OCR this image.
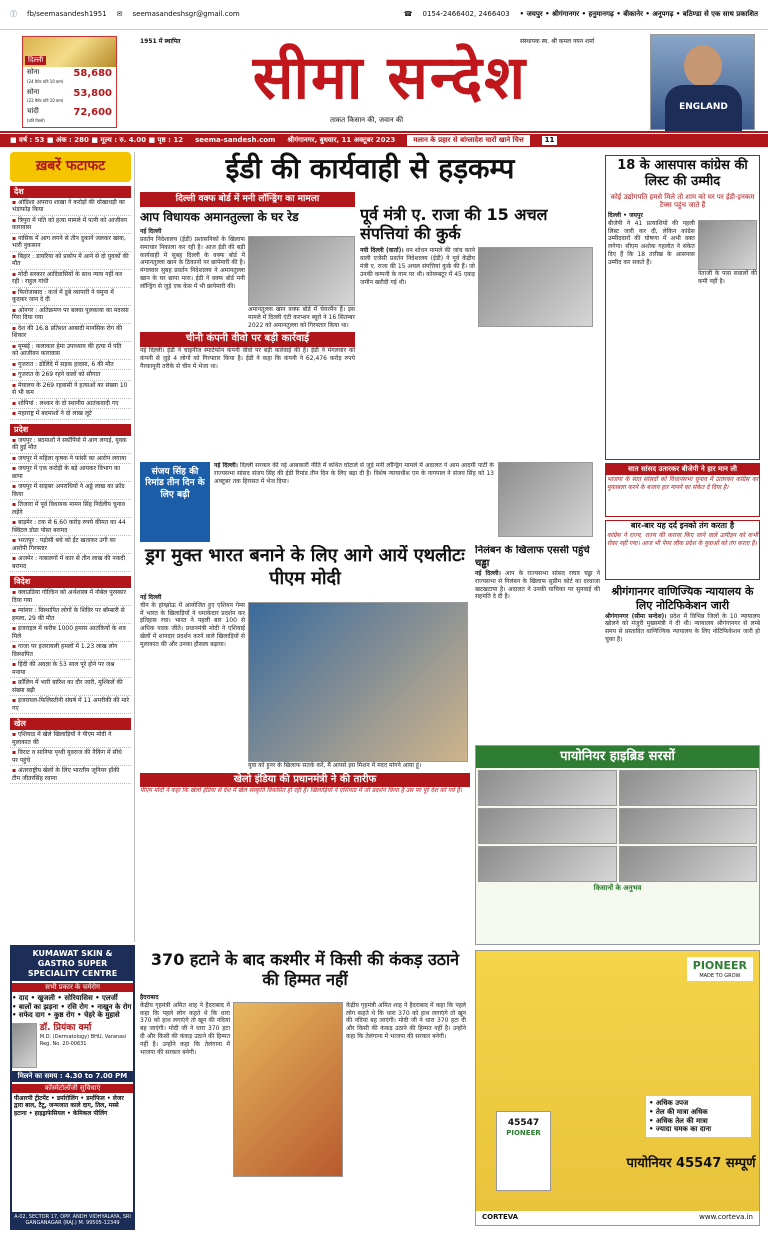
ⓕ fb/seemasandesh1951 ✉ seemasandeshsgr@gmail.com	☎ 0154-2466402, 2466403 • जयपुर • श्रीगंगानगर • हनुमानगढ़ • बीकानेर • अनूपगढ़ • बठिण्डा से एक साथ प्रकाशित
दिल्ली
सोना
(24 कैरेट प्रति 10 ग्राम)
58,680
सोना
(22 कैरेट प्रति 10 ग्राम)
53,800
चांदी
(प्रति किलो)
72,600
1951 में स्थापित	संस्थापक स्व. श्री कमल नयन शर्मा
सीमा सन्देश
ताकत किसान की, जवान की
ENGLAND
■ वर्ष : 53 ■ अंक : 280 ■ मूल्य : रु. 4.00 ■ पृष्ठ : 12 seema-sandesh.com श्रीगंगानगर, बुधवार, 11 अक्टूबर 2023	मलान के प्रहार से बांग्लादेश चारों खाने चित्त	11
ख़बरें फटाफट
देश
▪ ओडिशा अपराध शाखा ने करोड़ों की धोखाधड़ी का भंडाफोड़ किया
▪ त्रिपुरा में पति को हत्या मामले में पत्नी को आजीवन कारावास
▪ नासिक में आग लगने से तीन दुकानें जलकर खाक, भारी नुकसान
▪ बिहार : डायरिया को प्रकोप में आने से दो युवकों की मौत
▪ मोदी सरकार आदिवासियों के साथ न्याय नहीं कर रही : राहुल गांधी
▪ फिरोजाबाद : कर्ज में डूबे व्यापारी ने यमुना में कूदकर जान दे दी
▪ ओनगर : अतिक्रमण पर बलवा पुलकाया का मदरसा गिरा दिया गया
▪ देश की 16.8 प्रतिशत आबादी मानसिक रोग की शिकार
▪ मुम्बई : कलाकार हेमा उपाध्याय की हत्या में पति को आजीवन कारावास
▪ गुजरात : ढोलिंदे में सड़क हादसा, 6 की मौत
▪ गुजरात के 269 रहने वालों को सौगात
▪ मेघालय के 269 रहवासी ने हत्याओं का संख्या 10 से भी कम
▪ शोपियां : लश्कर के दो स्थानीय आतंकवादी गए
▪ महाराष्ट्र में बदमाशों ने दो लाख लूटे
प्रदेश
▪ जयपुर : बदमाशों ने स्कॉर्पियो में आग लगाई, युवक की हुई मौत
▪ जयपुर में महिला कृषक ने फांसी का आरोप लगाया
▪ जयपुर में एक करोड़ी के बड़े आयकर विभाग का छापा
▪ जयपुर में साइबर अपराधियों ने अड्डे लाख का फ्रॉड किया
▪ तिजारा में पूर्व विधायक मामन सिंह निर्दलीय चुनाव लड़ेंगे
▪ बाड़मेर : टक से 6.60 करोड़ रुपये कीमत का 44 क्विंटल डोडा पोस्त बरामद
▪ भरतपुर : पड़ोसी बचे को ईंट खताकर उगी का आरोपी गिरफ्तार
▪ अजमेर : नाबालगों में कार से तीन लाख की नकदी बरामद
विदेश
▪ क्लाउडिया गोल्डिन को अर्थशास्त्र में नोबेल पुरस्कार दिया गया
▪ म्यांमार : विस्थापित लोगों के शिविर पर बॉम्बारी से हमला, 29 की मौत
▪ इजराइल में करीब 1000 हमास आतंकियों के शव मिले
▪ गाजा पर इजरायली हमलों में 1.23 लाख लोग विस्थापित
▪ हिंदी की अवज्ञा के 53 साल पूरे होने पर जश्न मनाया
▪ क्रॉलिन में भारी बारिश का दौर जारी, मुश्किलें की संख्या बढ़ी
▪ इजरायल-फिलिस्तीनी संघर्ष में 11 अमरीकी की मारे गए
खेल
▪ एशियाड में खेले खिलाड़ियों ने पीएम मोदी ने मुलाकात की
▪ विराट व सानिया पृथ्वी युवराज की नैकिंग में सीधे पर पहुंचे
▪ अंतरराष्ट्रीय खेलों के लिए भारतीय जूनियर हॉकी टीम जीतरसिंह रवाना
ईडी की कार्यवाही से हड़कम्प
दिल्ली वक्फ बोर्ड में मनी लॉन्ड्रिंग का मामला
आप विधायक अमानतुल्ला के घर रेड
नई दिल्ली
प्रवर्तन निदेशालय (ईडी) प्रशासनिकों के खिलाफ समाचार निकाला कर रही है। आज ईडी की बड़ी कार्यवाही में सुबह दिल्ली के वक्फ बोर्ड में अमानतुल्ला खान के ठिकानों पर छापेमारी की है। मंगलवार सुबह प्रवर्तन निदेशालय ने अमानतुल्ला खान के घर छापा मारा। ईडी ने वक्फ बोर्ड मनी लॉन्ड्रिंग से जुड़े एक केस में भी छापेमारी की।
अमानतुल्ला खान वक्फ बोर्ड में चेयरमैन हैं। इस मामले में दिल्ली एंटी करप्शन ब्यूरो ने 16 सितम्बर 2022 को अमानतुल्ला को गिरफ्तार किया था।
चीनी कंपनी वीवो पर बड़ी कार्रवाई
नई दिल्ली। ईडी ने चाइनीज स्मार्टफोन कंपनी वीवो पर बड़ी कार्रवाई की है। ईडी ने मंगलवार को कंपनी से जुड़े 4 लोगों को गिरफ्तार किया है। ईडी ने कहा कि कंपनी ने 62,476 करोड़ रुपये गैरकानूनी तरीके से चीन में भेजा था।
पूर्व मंत्री ए. राजा की 15 अचल संपत्तियां की कुर्क
नयी दिल्ली (वार्ता)। धन शोधन मामले की जांच करने वाली एजेंसी प्रवर्तन निदेशालय (ईडी) ने पूर्व केंद्रीय मंत्री ए. राजा की 15 अचल संपत्तियां कुर्क की हैं। जो उनकी कम्पनी के नाम पर थी। कोयम्बटूर में 45 एकड़ जमीन खरीदी गई थी।
18 के आसपास कांग्रेस की लिस्ट की उम्मीद
कोई उद्योगपति हमसे मिले तो शाम को घर पर ईडी-इनकम टैक्स पहुंच जाते हैं
दिल्ली • जयपुर
बीजेपी ने 41 प्रत्याशियों की पहली लिस्ट जारी कर दी, लेकिन कांग्रेस उम्मीदवारों की घोषणा में अभी वक्त लगेगा। सीएम अशोक गहलोत ने संकेत दिए हैं कि 18 तारीख के आसपास उम्मीद कर सकते हैं।
नेताजी के पास सवालों की कमी नहीं है।
सात सांसद उतारकर बीजेपी ने हार मान ली
भाजपा के सात सांसदों को विधानसभा चुनाव में उतारकर कांग्रेस का मुकाबला करने के बजाय हार मानने का संकेत दे दिया है।
बार-बार यह दर्द इनको तंग करता है
कांग्रेस ने राज्य, राज्य की कराया किए जाने वाले उत्पीड़न को कभी रोका नहीं गया। आज भी पेपर लीक प्रदेश के युवाओं को तंग करता है।
संजय सिंह की रिमांड तीन दिन के लिए बढ़ी
नई दिल्ली। दिल्ली सरकार की नई आबकारी नीति में कथित घोटाले से जुड़े मनी लॉन्ड्रिंग मामले में अदालत ने आम आदमी पार्टी के राज्यसभा सांसद संजय सिंह की ईडी रिमांड तीन दिन के लिए बढ़ा दी है। विशेष न्यायाधीश एम के नागपाल ने संजय सिंह को 13 अक्टूबर तक हिरासत में भेज दिया।
ड्रग मुक्त भारत बनाने के लिए आगे आयें एथलीटः पीएम मोदी
नई दिल्ली
चीन के हांग्झोऊ में आयोजित हुए एशियन गेम्स में भारत के खिलाड़ियों ने धमाकेदार प्रदर्शन कर इतिहास रचा। भारत ने पहली बार 100 से अधिक पदक जीते। प्रधानमंत्री मोदी ने एशियाई खेलों में शानदार प्रदर्शन करने वाले खिलाड़ियों से मुलाकात की और उनका हौसला बढ़ाया।
युवा को हुनर के खिलाफ सतर्क करें, मैं आपसे इस मिशन में मदद मांगने आया हूं।
खेलो इंडिया की प्रधानमंत्री ने की तारीफ
पीएम मोदी ने कहा कि खेलो इंडिया से देश में खेल संस्कृति विकसित हो रही है। खिलाड़ियों ने एशियाड में जो प्रदर्शन किया है उस पर पूरे देश को गर्व है।
निलंबन के खिलाफ एससी पहुंचे चड्ढा
नई दिल्ली। आप के राज्यसभा सांसद राघव चड्ढा ने राज्यसभा से निलंबन के खिलाफ सुप्रीम कोर्ट का दरवाजा खटखटाया है। अदालत ने उनकी याचिका पर सुनवाई की सहमति दे दी है।	श्रीगंगानगर वाणिज्यिक न्यायालय के लिए नोटिफिकेशन जारी
श्रीगंगानगर (सीमा सन्देश)। प्रदेश में विभिन्न जिलों के 10 न्यायालय खोलने को मंजूरी मुख्यमंत्री ने दी थी। न्यायालय श्रीगंगानगर से लम्बे समय से प्रस्तावित वाणिज्यिक न्यायालय के लिए नोटिफिकेशन जारी हो चुका है।
पायोनियर हाइब्रिड सरसों
किसानों के अनुभव
PIONEER
MADE TO GROW
45547
PIONEER
• अधिक उपज
• तेल की मात्रा अधिक
• अधिक तेल की मात्रा
• ज्यादा चमक का दाना
पायोनियर 45547 सम्पूर्ण
CORTEVA	www.corteva.in
370 हटाने के बाद कश्मीर में किसी की कंकड़ उठाने की हिम्मत नहीं
हैदराबाद
केंद्रीय गृहमंत्री अमित शाह ने हैदराबाद में कहा कि पहले लोग कहते थे कि धारा 370 को हाथ लगाएंगे तो खून की नदियां बह जाएंगी। मोदी जी ने धारा 370 हटा दी और किसी की कंकड़ उठाने की हिम्मत नहीं है। उन्होंने कहा कि तेलंगाना में भाजपा की सरकार बनेगी।
केंद्रीय गृहमंत्री अमित शाह ने हैदराबाद में कहा कि पहले लोग कहते थे कि धारा 370 को हाथ लगाएंगे तो खून की नदियां बह जाएंगी। मोदी जी ने धारा 370 हटा दी और किसी की कंकड़ उठाने की हिम्मत नहीं है। उन्होंने कहा कि तेलंगाना में भाजपा की सरकार बनेगी।
KUMAWAT SKIN & GASTRO SUPER SPECIALITY CENTRE
सभी प्रकार के चर्मरोग
• दाद • खुजली • सोरियासिस • एलर्जी
• बालों का झड़ना • रसि रोग • नाखुन के रोग
• सफेद दाग • कुष्ठ रोग • चेहरे के मुहासे
डॉ. प्रियंका वर्मा
M.D. (Dermatology) BHU, Varanasi Reg. No. 20-00631
मिलने का समय : 4.30 to 7.00 PM
कॉस्मेटोलॉजी सुविधाएं
पीआरपी ट्रीटमेंट • डर्मारोलिंग • डर्माफिल • लेजर द्वारा बाल, टैटू, जन्मजात काले दाग, तिल, मस्से हटाना • हाइड्राफेसियल • केमिकल पीलिंग
A-02, SECTOR 17, OPP. ANDH VIDHYALAYA, SRI GANGANAGAR (RAJ.) M. 99505-12349
